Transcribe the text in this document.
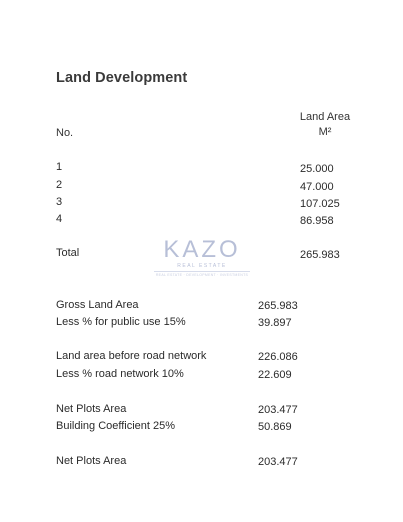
Land Development
No.
Land Area
M²
1	25.000
2	47.000
3	107.025
4	86.958
Total	265.983
KAZO
REAL ESTATE
REAL ESTATE · DEVELOPMENT · INVESTMENTS
Gross Land Area	265.983
Less % for public use 15%	39.897
Land area before road network	226.086
Less % road network 10%	22.609
Net Plots Area	203.477
Building Coefficient 25%	50.869
Net Plots Area	203.477
